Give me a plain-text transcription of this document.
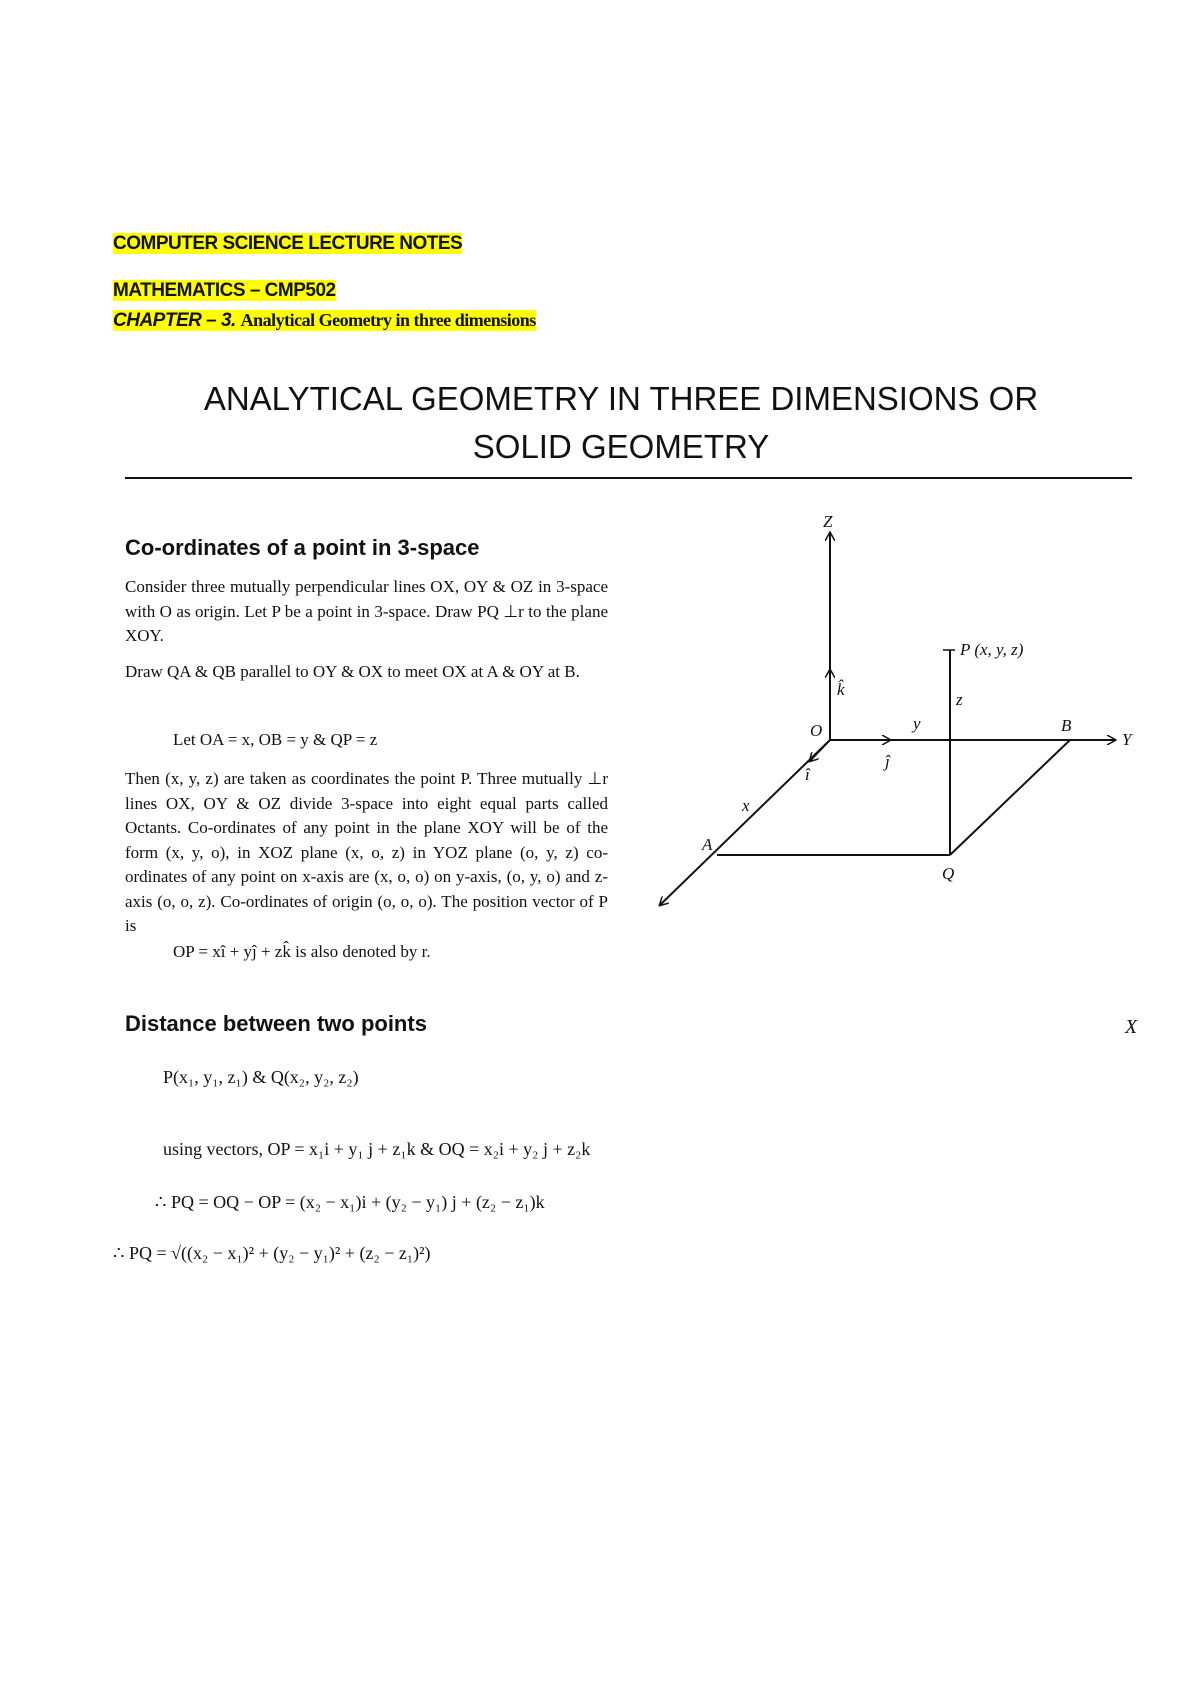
COMPUTER SCIENCE LECTURE NOTES
MATHEMATICS – CMP502
CHAPTER – 3. Analytical Geometry in three dimensions
ANALYTICAL GEOMETRY IN THREE DIMENSIONS OR
SOLID GEOMETRY
Co-ordinates of a point in 3-space
Consider three mutually perpendicular lines OX, OY & OZ in 3-space with O as origin. Let P be a point in 3-space. Draw PQ ⊥r to the plane XOY.
Draw QA & QB parallel to OY & OX to meet OX at A & OY at B.
Let OA = x, OB = y & QP = z
Then (x, y, z) are taken as coordinates the point P. Three mutually ⊥r lines OX, OY & OZ divide 3-space into eight equal parts called Octants. Co-ordinates of any point in the plane XOY will be of the form (x, y, o), in XOZ plane (x, o, z) in YOZ plane (o, y, z) co-ordinates of any point on x-axis are (x, o, o) on y-axis, (o, y, o) and z-axis (o, o, z). Co-ordinates of origin (o, o, o). The position vector of P is
OP = xî + yĵ + zk̂ is also denoted by r.
Z
P (x, y, z)
k̂
z
O	y	B
Y
î
ĵ
x
A
Q
X
Distance between two points
P(x₁, y₁, z₁) & Q(x₂, y₂, z₂)
using vectors, OP = x₁i + y₁ j + z₁k & OQ = x₂i + y₂ j + z₂k
∴ PQ = OQ − OP = (x₂ − x₁)i + (y₂ − y₁) j + (z₂ − z₁)k
∴ PQ = √((x₂ − x₁)² + (y₂ − y₁)² + (z₂ − z₁)²)
